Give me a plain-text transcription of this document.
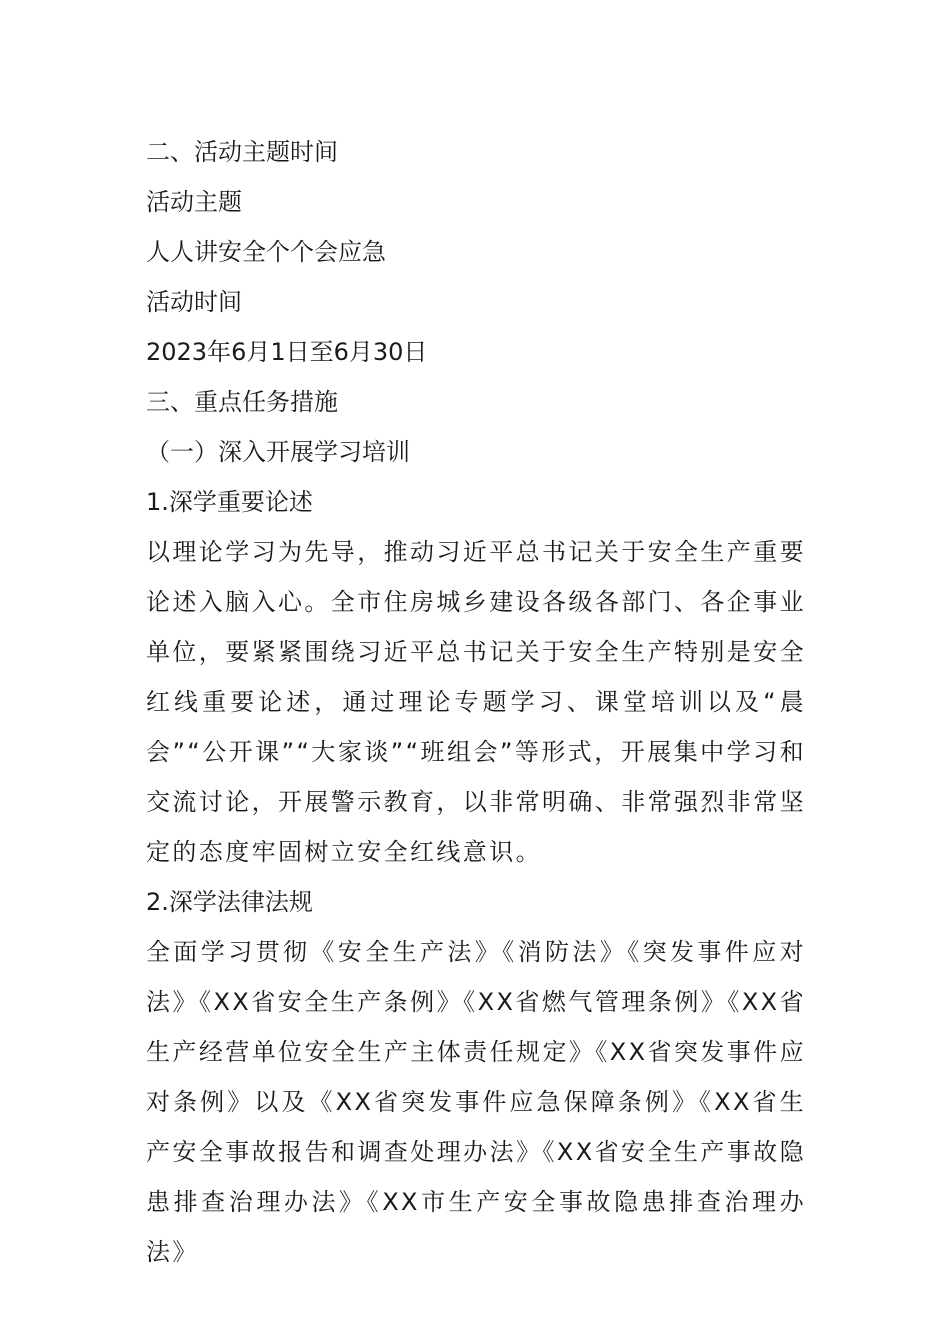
二、活动主题时间

活动主题

人人讲安全个个会应急

活动时间

2023年6月1日至6月30日

三、重点任务措施

（一）深入开展学习培训

1.深学重要论述

以理论学习为先导，推动习近平总书记关于安全生产重要论述入脑入心。全市住房城乡建设各级各部门、各企事业单位，要紧紧围绕习近平总书记关于安全生产特别是安全红线重要论述，通过理论专题学习、课堂培训以及“晨会”“公开课”“大家谈”“班组会”等形式，开展集中学习和交流讨论，开展警示教育，以非常明确、非常强烈非常坚定的态度牢固树立安全红线意识。

2.深学法律法规

全面学习贯彻《安全生产法》《消防法》《突发事件应对法》《XX省安全生产条例》《XX省燃气管理条例》《XX省生产经营单位安全生产主体责任规定》《XX省突发事件应对条例》以及《XX省突发事件应急保障条例》《XX省生产安全事故报告和调查处理办法》《XX省安全生产事故隐患排查治理办法》《XX市生产安全事故隐患排查治理办法》
